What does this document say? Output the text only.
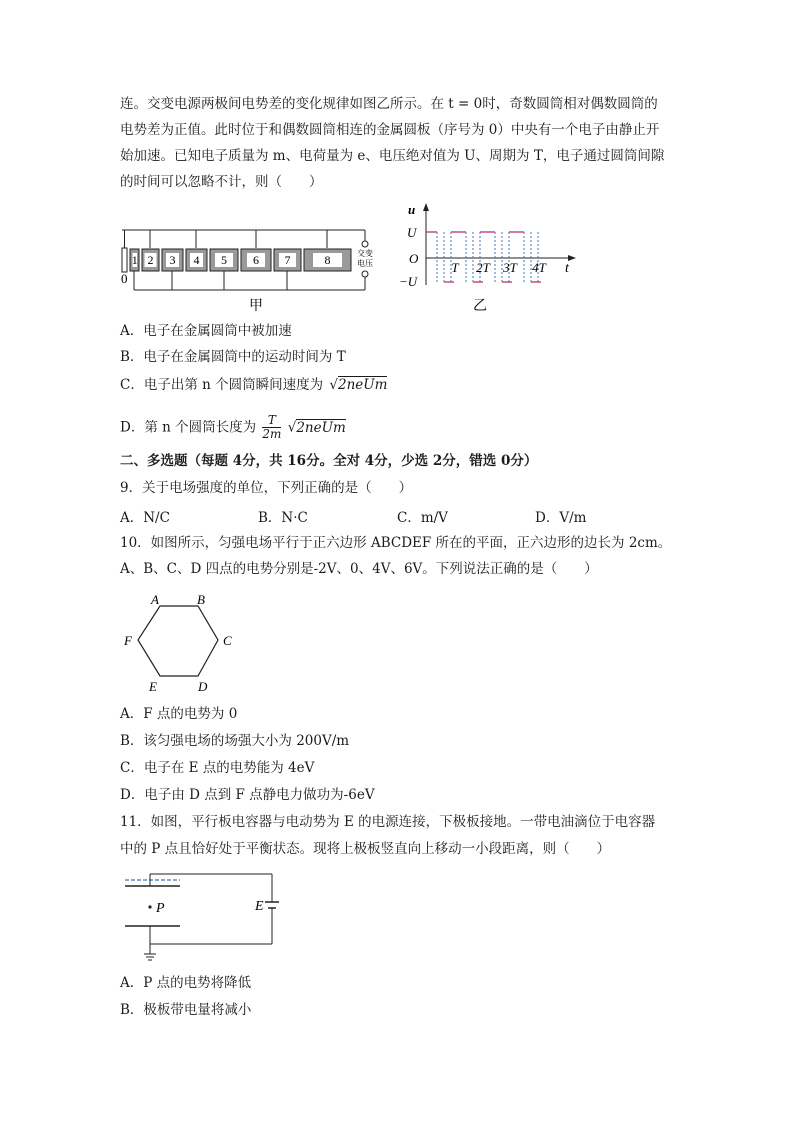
连。交变电源两极间电势差的变化规律如图乙所示。在 t = 0时，奇数圆筒相对偶数圆筒的
电势差为正值。此时位于和偶数圆筒相连的金属圆板（序号为 0）中央有一个电子由静止开
始加速。已知电子质量为 m、电荷量为 e、电压绝对值为 U、周期为 T，电子通过圆筒间隙
的时间可以忽略不计，则（　　）
1 2 3 4 5 6 7	8	交变
电压
0
甲
u
t
U
O
−U
T 2T 3T 4T
乙
A．电子在金属圆筒中被加速
B．电子在金属圆筒中的运动时间为 T
C．电子出第 n 个圆筒瞬间速度为 √2neUm
D．第 n 个圆筒长度为 $\frac{T}{2m}$ √2neUm
二、多选题（每题 4分，共 16分。全对 4分，少选 2分，错选 0分）
9．关于电场强度的单位，下列正确的是（　　）
A．N/C	B．N·C	C．m/V	D．V/m
10．如图所示，匀强电场平行于正六边形 ABCDEF 所在的平面，正六边形的边长为 2cm。
A、B、C、D 四点的电势分别是-2V、0、4V、6V。下列说法正确的是（　　）
A	B
C
D
E
F
A．F 点的电势为 0
B．该匀强电场的场强大小为 200V/m
C．电子在 E 点的电势能为 4eV
D．电子由 D 点到 F 点静电力做功为-6eV
11．如图，平行板电容器与电动势为 E 的电源连接，下极板接地。一带电油滴位于电容器
中的 P 点且恰好处于平衡状态。现将上极板竖直向上移动一小段距离，则（　　）
E
P
A．P 点的电势将降低
B．极板带电量将减小
